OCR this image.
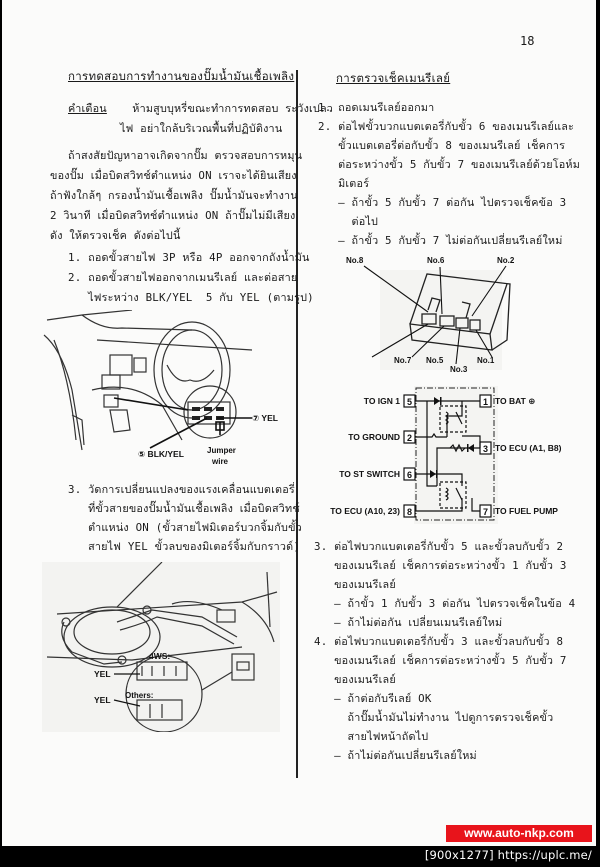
18
การทดสอบการทำงานของปั๊มน้ำมันเชื้อเพลิง
คำเตือน ห้ามสูบบุหรี่ขณะทำการทดสอบ ระวังเปลว
ไฟ อย่าใกล้บริเวณพื้นที่ปฏิบัติงาน
ถ้าสงสัยปัญหาอาจเกิดจากปั๊ม ตรวจสอบการหมุน
ของปั๊ม เมื่อบิดสวิทช์ตำแหน่ง ON เราจะได้ยินเสียง
ถ้าฟังใกล้ๆ กรองน้ำมันเชื้อเพลิง ปั๊มน้ำมันจะทำงาน
2 วินาที เมื่อบิดสวิทช์ตำแหน่ง ON ถ้าปั๊มไม่มีเสียง
ดัง ให้ตรวจเช็ค ดังต่อไปนี้
1. ถอดขั้วสายไฟ 3P หรือ 4P ออกจากถังน้ำมัน
2. ถอดขั้วสายไฟออกจากเมนรีเลย์ และต่อสาย
ไฟระหว่าง BLK/YEL  5 กับ YEL (ตามรูป)
⑦ YEL
⑤ BLK/YEL	Jumper
wire
3. วัดการเปลี่ยนแปลงของแรงเคลื่อนแบตเตอรี่
ที่ขั้วสายของปั๊มน้ำมันเชื้อเพลิง เมื่อบิดสวิทช์
ตำแหน่ง ON (ขั้วสายไฟมิเตอร์บวกจิ้มกับขั้ว
สายไฟ YEL ขั้วลบของมิเตอร์จิ้มกับกราวด์)
4WS:
Others:
YEL
YEL
การตรวจเช็คเมนรีเลย์
1. ถอดเมนรีเลย์ออกมา
2. ต่อไฟขั้วบวกแบตเตอรี่กับขั้ว 6 ของเมนรีเลย์และ
ขั้วแบตเตอรี่ต่อกับขั้ว 8 ของเมนรีเลย์ เช็คการ
ต่อระหว่างขั้ว 5 กับขั้ว 7 ของเมนรีเลย์ด้วยโอห์ม
มิเตอร์
– ถ้าขั้ว 5 กับขั้ว 7 ต่อกัน ไปตรวจเช็คข้อ 3
ต่อไป
– ถ้าขั้ว 5 กับขั้ว 7 ไม่ต่อกันเปลี่ยนรีเลย์ใหม่
No.8	No.6	No.2
No.7 No.5
No.3
No.1
5
2
6
8
1
3
7
TO IGN 1
TO GROUND
TO ST SWITCH
TO ECU (A10, 23)
TO BAT ⊕
TO ECU (A1, B8)
TO FUEL PUMP
3. ต่อไฟบวกแบตเตอรี่กับขั้ว 5 และขั้วลบกับขั้ว 2
ของเมนรีเลย์ เช็คการต่อระหว่างขั้ว 1 กับขั้ว 3
ของเมนรีเลย์
– ถ้าขั้ว 1 กับขั้ว 3 ต่อกัน ไปตรวจเช็คในข้อ 4
– ถ้าไม่ต่อกัน เปลี่ยนเมนรีเลย์ใหม่
4. ต่อไฟบวกแบตเตอรี่กับขั้ว 3 และขั้วลบกับขั้ว 8
ของเมนรีเลย์ เช็คการต่อระหว่างขั้ว 5 กับขั้ว 7
ของเมนรีเลย์
– ถ้าต่อกับรีเลย์ OK
ถ้าปั๊มน้ำมันไม่ทำงาน ไปดูการตรวจเช็คขั้ว
สายไฟหน้าถัดไป
– ถ้าไม่ต่อกันเปลี่ยนรีเลย์ใหม่
www.auto-nkp.com
[900x1277] https://uplc.me/
